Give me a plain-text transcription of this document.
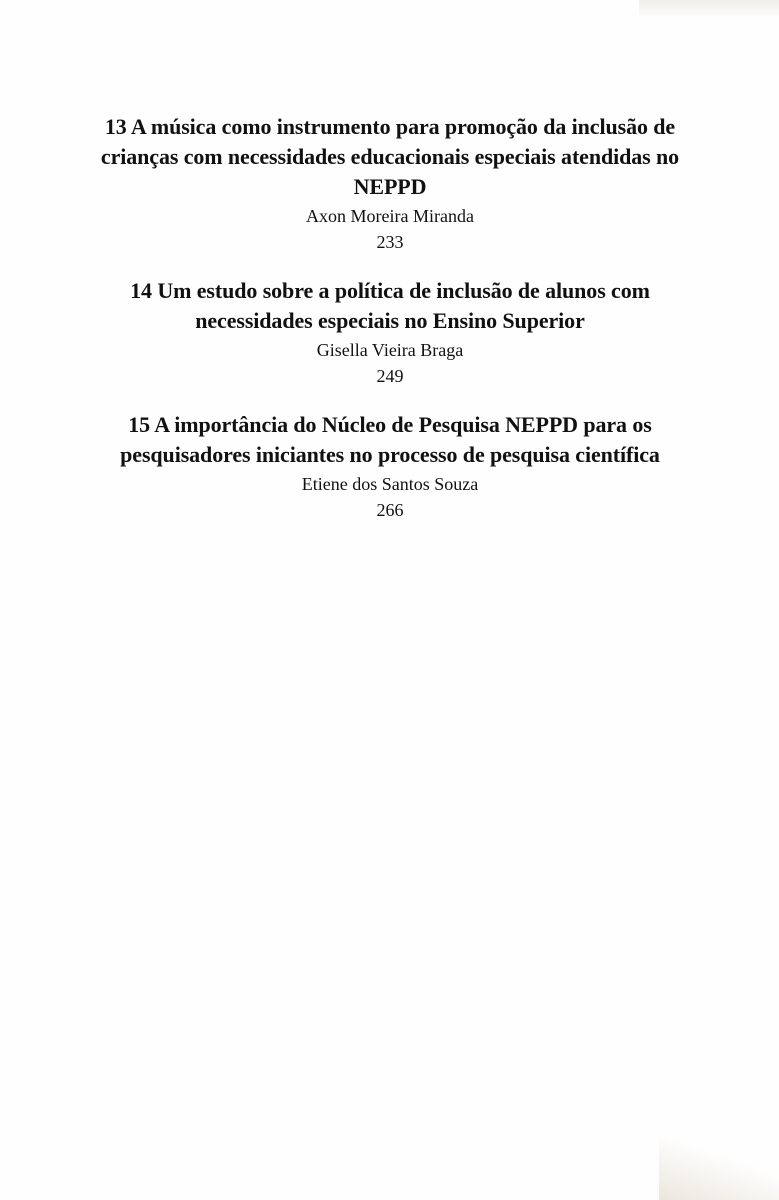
13 A música como instrumento para promoção da inclusão de
crianças com necessidades educacionais especiais atendidas no
NEPPD

Axon Moreira Miranda

233

14 Um estudo sobre a política de inclusão de alunos com
necessidades especiais no Ensino Superior

Gisella Vieira Braga

249

15 A importância do Núcleo de Pesquisa NEPPD para os
pesquisadores iniciantes no processo de pesquisa científica

Etiene dos Santos Souza

266
